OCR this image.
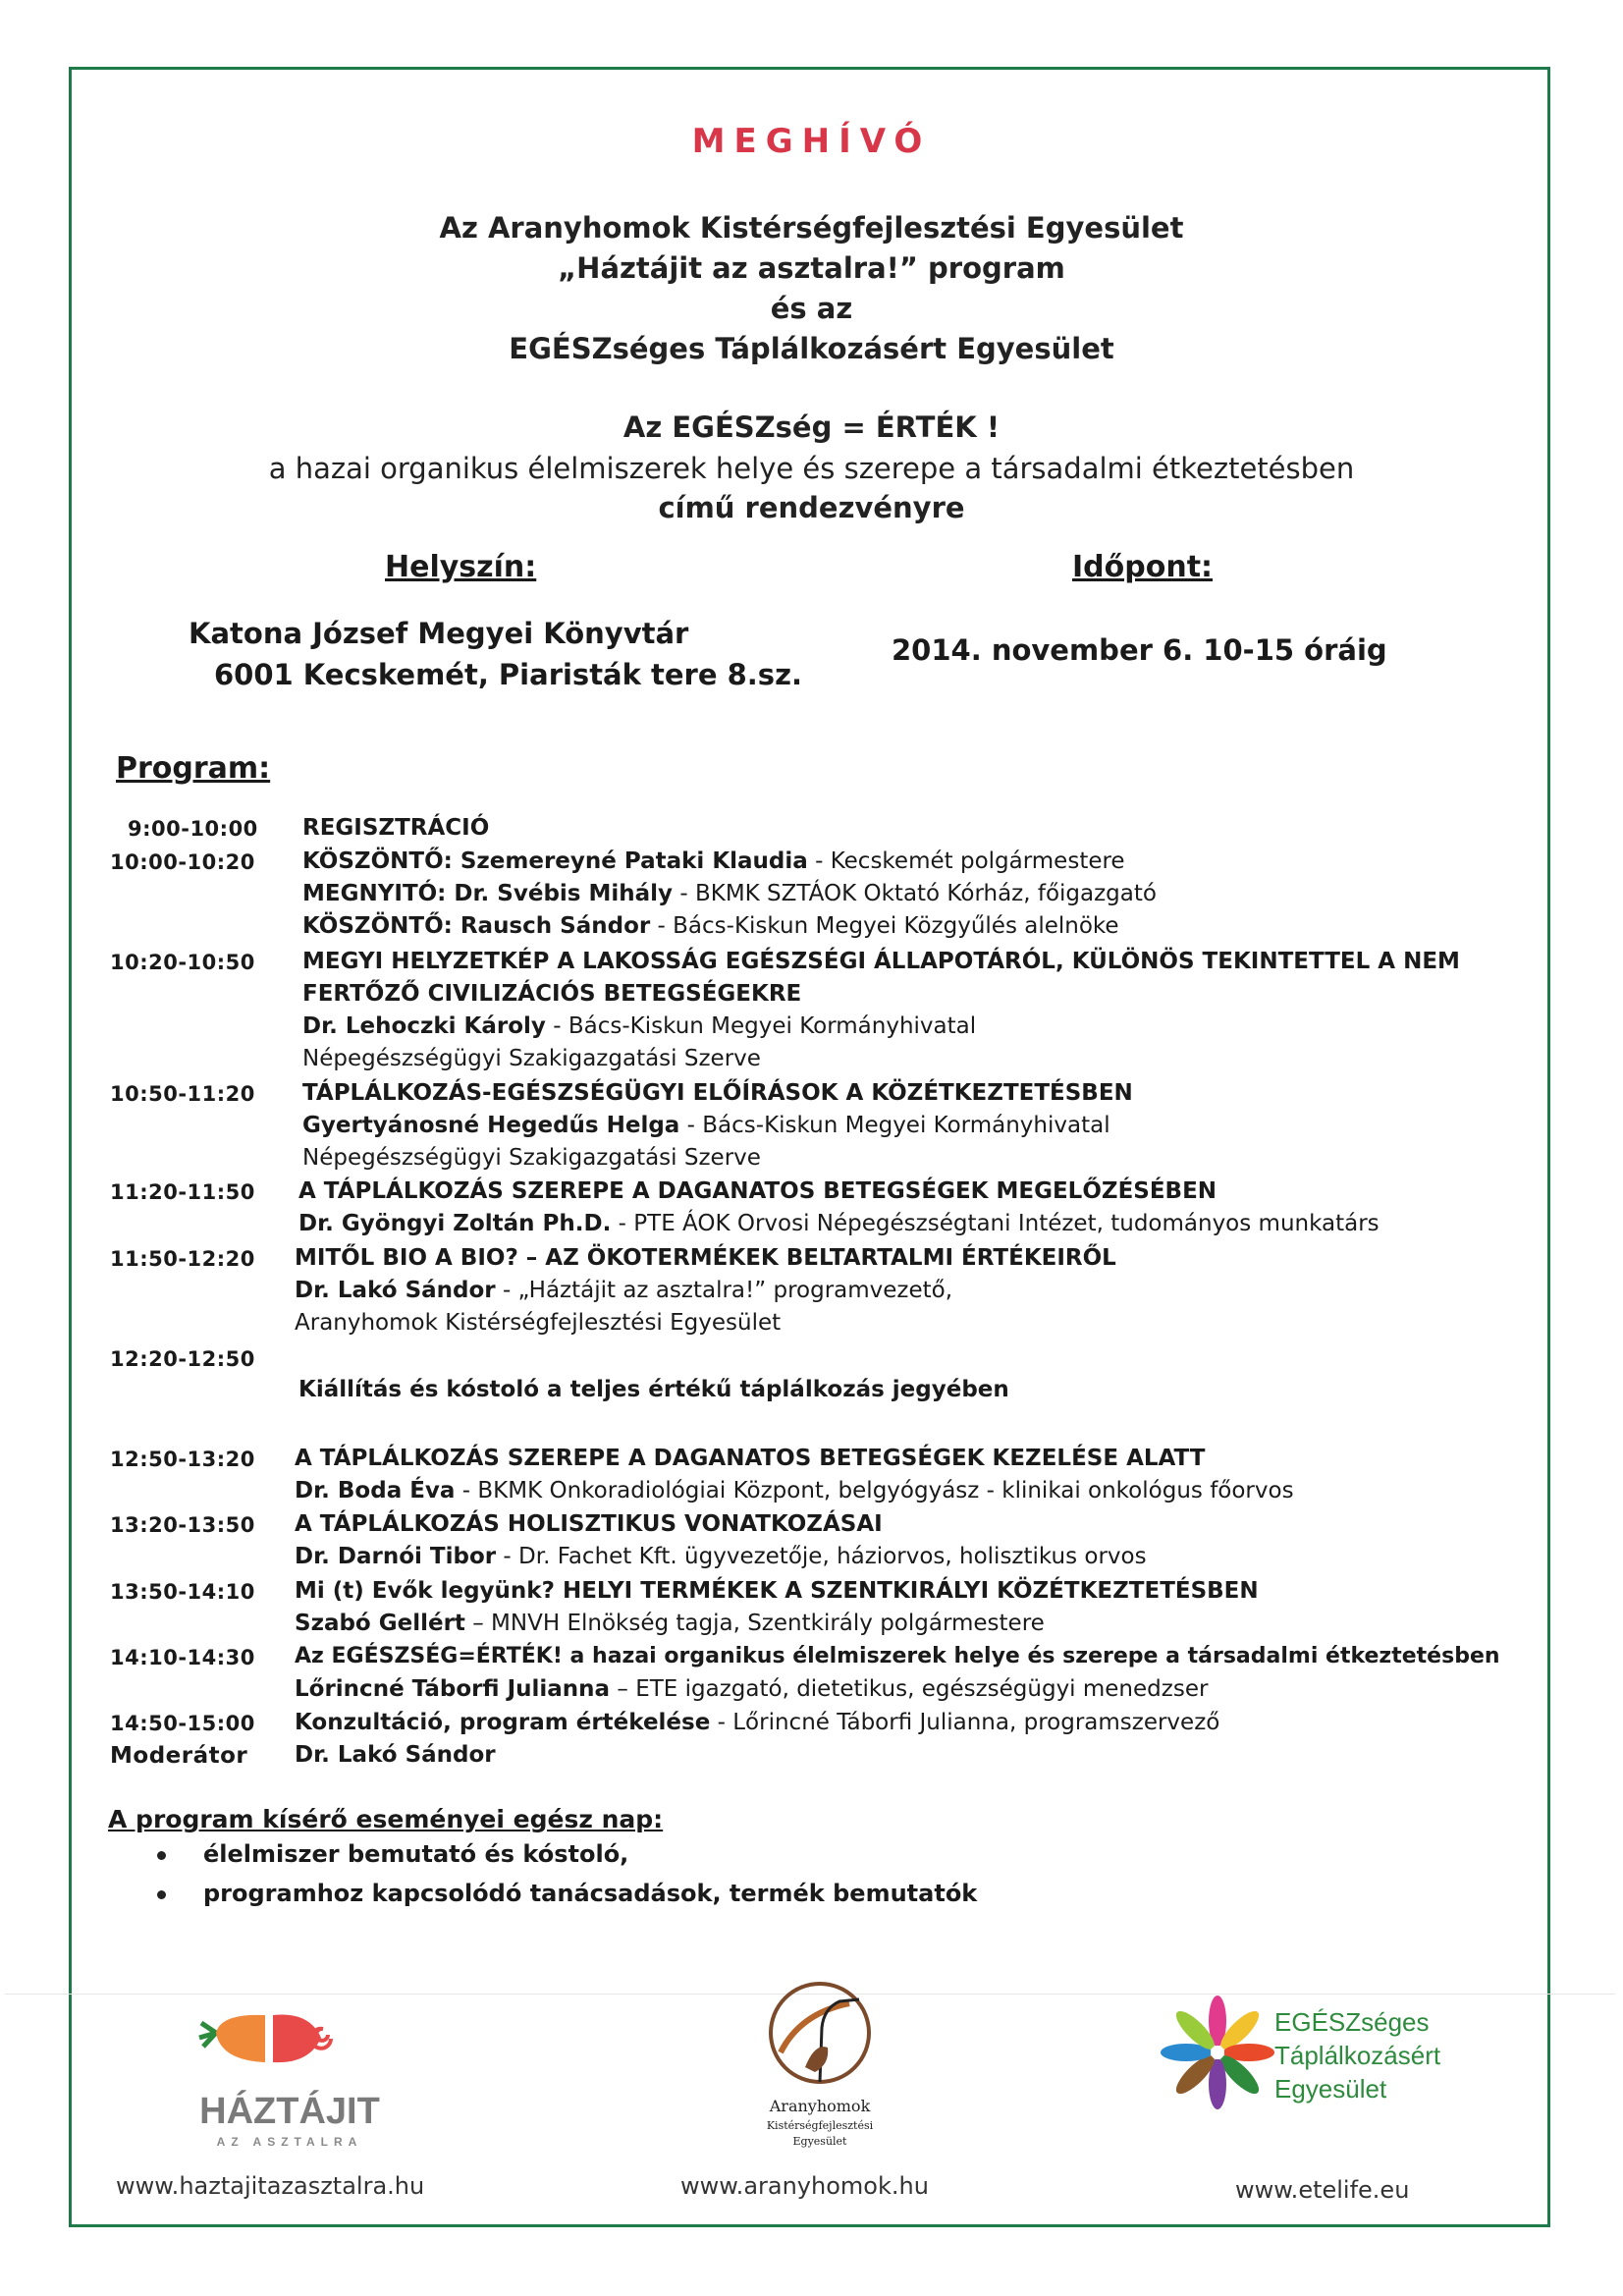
MEGHÍVÓ
Az Aranyhomok Kistérségfejlesztési Egyesület
„Háztájit az asztalra!” program
és az
EGÉSZséges Táplálkozásért Egyesület
Az EGÉSZség = ÉRTÉK !
a hazai organikus élelmiszerek helye és szerepe a társadalmi étkeztetésben
című rendezvényre
Helyszín:	Időpont:
Katona József Megyei Könyvtár
6001 Kecskemét, Piaristák tere 8.sz.
2014. november 6. 10-15 óráig
Program:
9:00-10:00 REGISZTRÁCIÓ
10:00-10:20 KÖSZÖNTŐ: Szemereyné Pataki Klaudia - Kecskemét polgármestere
MEGNYITÓ: Dr. Svébis Mihály - BKMK SZTÁOK Oktató Kórház, főigazgató
KÖSZÖNTŐ: Rausch Sándor - Bács-Kiskun Megyei Közgyűlés alelnöke
10:20-10:50 MEGYI HELYZETKÉP A LAKOSSÁG EGÉSZSÉGI ÁLLAPOTÁRÓL, KÜLÖNÖS TEKINTETTEL A NEM
FERTŐZŐ CIVILIZÁCIÓS BETEGSÉGEKRE
Dr. Lehoczki Károly - Bács-Kiskun Megyei Kormányhivatal
Népegészségügyi Szakigazgatási Szerve
10:50-11:20 TÁPLÁLKOZÁS-EGÉSZSÉGÜGYI ELŐÍRÁSOK A KÖZÉTKEZTETÉSBEN
Gyertyánosné Hegedűs Helga - Bács-Kiskun Megyei Kormányhivatal
Népegészségügyi Szakigazgatási Szerve
11:20-11:50 A TÁPLÁLKOZÁS SZEREPE A DAGANATOS BETEGSÉGEK MEGELŐZÉSÉBEN
Dr. Gyöngyi Zoltán Ph.D. - PTE ÁOK Orvosi Népegészségtani Intézet, tudományos munkatárs
11:50-12:20 MITŐL BIO A BIO? – AZ ÖKOTERMÉKEK BELTARTALMI ÉRTÉKEIRŐL
Dr. Lakó Sándor - „Háztájit az asztalra!” programvezető,
Aranyhomok Kistérségfejlesztési Egyesület
12:20-12:50
Kiállítás és kóstoló a teljes értékű táplálkozás jegyében
12:50-13:20 A TÁPLÁLKOZÁS SZEREPE A DAGANATOS BETEGSÉGEK KEZELÉSE ALATT
Dr. Boda Éva - BKMK Onkoradiológiai Központ, belgyógyász - klinikai onkológus főorvos
13:20-13:50 A TÁPLÁLKOZÁS HOLISZTIKUS VONATKOZÁSAI
Dr. Darnói Tibor - Dr. Fachet Kft. ügyvezetője, háziorvos, holisztikus orvos
13:50-14:10 Mi (t) Evők legyünk? HELYI TERMÉKEK A SZENTKIRÁLYI KÖZÉTKEZTETÉSBEN
Szabó Gellért – MNVH Elnökség tagja, Szentkirály polgármestere
14:10-14:30 Az EGÉSZSÉG=ÉRTÉK! a hazai organikus élelmiszerek helye és szerepe a társadalmi étkeztetésben
Lőrincné Táborfi Julianna – ETE igazgató, dietetikus, egészségügyi menedzser
14:50-15:00 Konzultáció, program értékelése - Lőrincné Táborfi Julianna, programszervező
Moderátor Dr. Lakó Sándor
A program kísérő eseményei egész nap:
élelmiszer bemutató és kóstoló,
programhoz kapcsolódó tanácsadások, termék bemutatók
HÁZTÁJIT
AZ ASZTALRA
www.haztajitazasztalra.hu
Aranyhomok
Kistérségfejlesztési
Egyesület
www.aranyhomok.hu
EGÉSZséges
Táplálkozásért
Egyesület
www.etelife.eu
